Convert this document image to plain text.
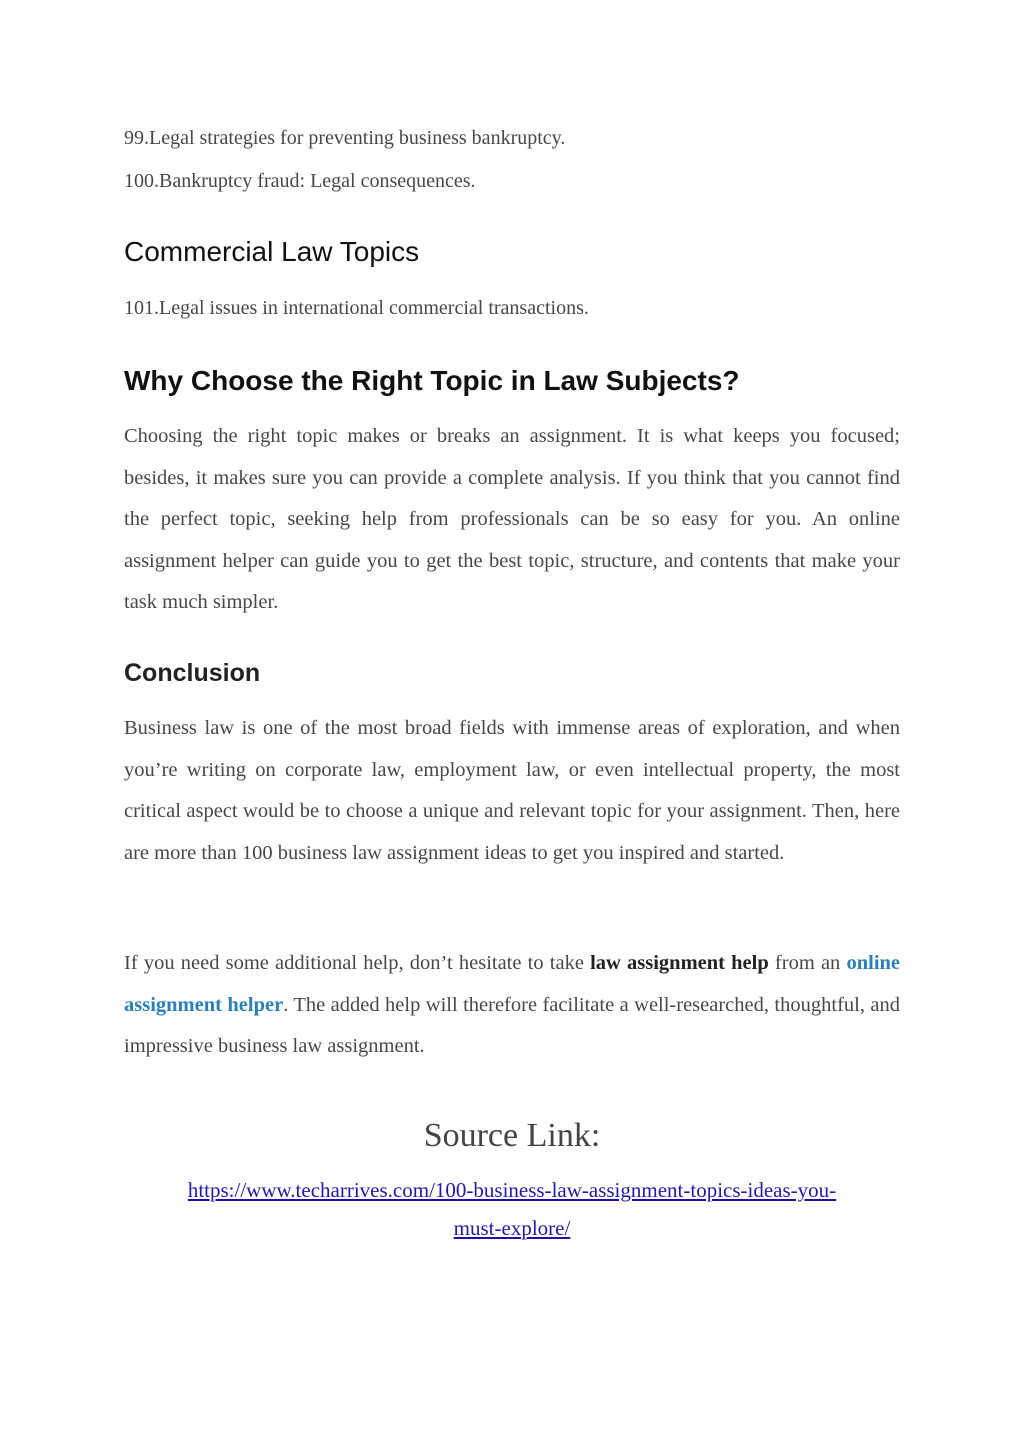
99.Legal strategies for preventing business bankruptcy.
100.Bankruptcy fraud: Legal consequences.
Commercial Law Topics
101.Legal issues in international commercial transactions.
Why Choose the Right Topic in Law Subjects?

Choosing the right topic makes or breaks an assignment. It is what keeps you focused; besides, it makes sure you can provide a complete analysis. If you think that you cannot find the perfect topic, seeking help from professionals can be so easy for you. An online assignment helper can guide you to get the best topic, structure, and contents that make your task much simpler.

Conclusion

Business law is one of the most broad fields with immense areas of exploration, and when you’re writing on corporate law, employment law, or even intellectual property, the most critical aspect would be to choose a unique and relevant topic for your assignment. Then, here are more than 100 business law assignment ideas to get you inspired and started.

If you need some additional help, don’t hesitate to take law assignment help from an online assignment helper. The added help will therefore facilitate a well-researched, thoughtful, and impressive business law assignment.

Source Link:
https://www.techarrives.com/100-business-law-assignment-topics-ideas-you-
must-explore/
